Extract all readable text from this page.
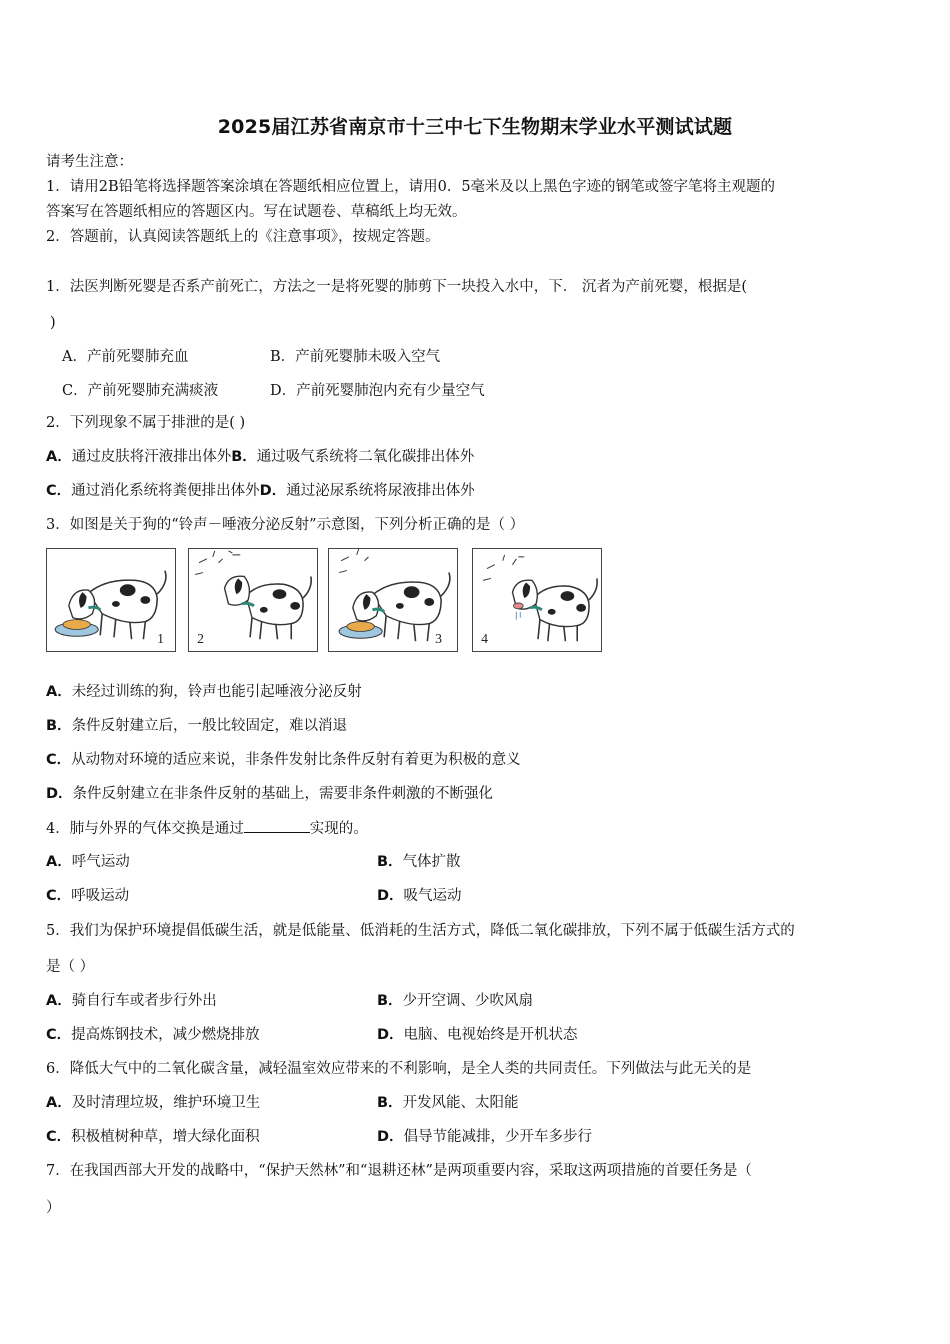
2025届江苏省南京市十三中七下生物期末学业水平测试试题
请考生注意：
1．请用2B铅笔将选择题答案涂填在答题纸相应位置上，请用0．5毫米及以上黑色字迹的钢笔或签字笔将主观题的
答案写在答题纸相应的答题区内。写在试题卷、草稿纸上均无效。
2．答题前，认真阅读答题纸上的《注意事项》，按规定答题。
1．法医判断死婴是否系产前死亡，方法之一是将死婴的肺剪下一块投入水中，下． 沉者为产前死婴，根据是(
)
A．产前死婴肺充血	B．产前死婴肺未吸入空气
C．产前死婴肺充满痰液	D．产前死婴肺泡内充有少量空气
2．下列现象不属于排泄的是( )
A．通过皮肤将汗液排出体外B．通过吸气系统将二氧化碳排出体外
C．通过消化系统将粪便排出体外D．通过泌尿系统将尿液排出体外
3．如图是关于狗的“铃声－唾液分泌反射”示意图，下列分析正确的是（ ）
1 2	3	4
A．未经过训练的狗，铃声也能引起唾液分泌反射
B．条件反射建立后，一般比较固定，难以消退
C．从动物对环境的适应来说，非条件发射比条件反射有着更为积极的意义
D．条件反射建立在非条件反射的基础上，需要非条件刺激的不断强化
4．肺与外界的气体交换是通过	实现的。
A．呼气运动	B．气体扩散
C．呼吸运动	D．吸气运动
5．我们为保护环境提倡低碳生活，就是低能量、低消耗的生活方式，降低二氧化碳排放，下列不属于低碳生活方式的
是（ ）
A．骑自行车或者步行外出	B．少开空调、少吹风扇
C．提高炼钢技术，减少燃烧排放	D．电脑、电视始终是开机状态
6．降低大气中的二氧化碳含量，减轻温室效应带来的不利影响，是全人类的共同责任。下列做法与此无关的是
A．及时清理垃圾，维护环境卫生	B．开发风能、太阳能
C．积极植树种草，增大绿化面积	D．倡导节能减排，少开车多步行
7．在我国西部大开发的战略中，“保护天然林”和“退耕还林”是两项重要内容，采取这两项措施的首要任务是（
）
